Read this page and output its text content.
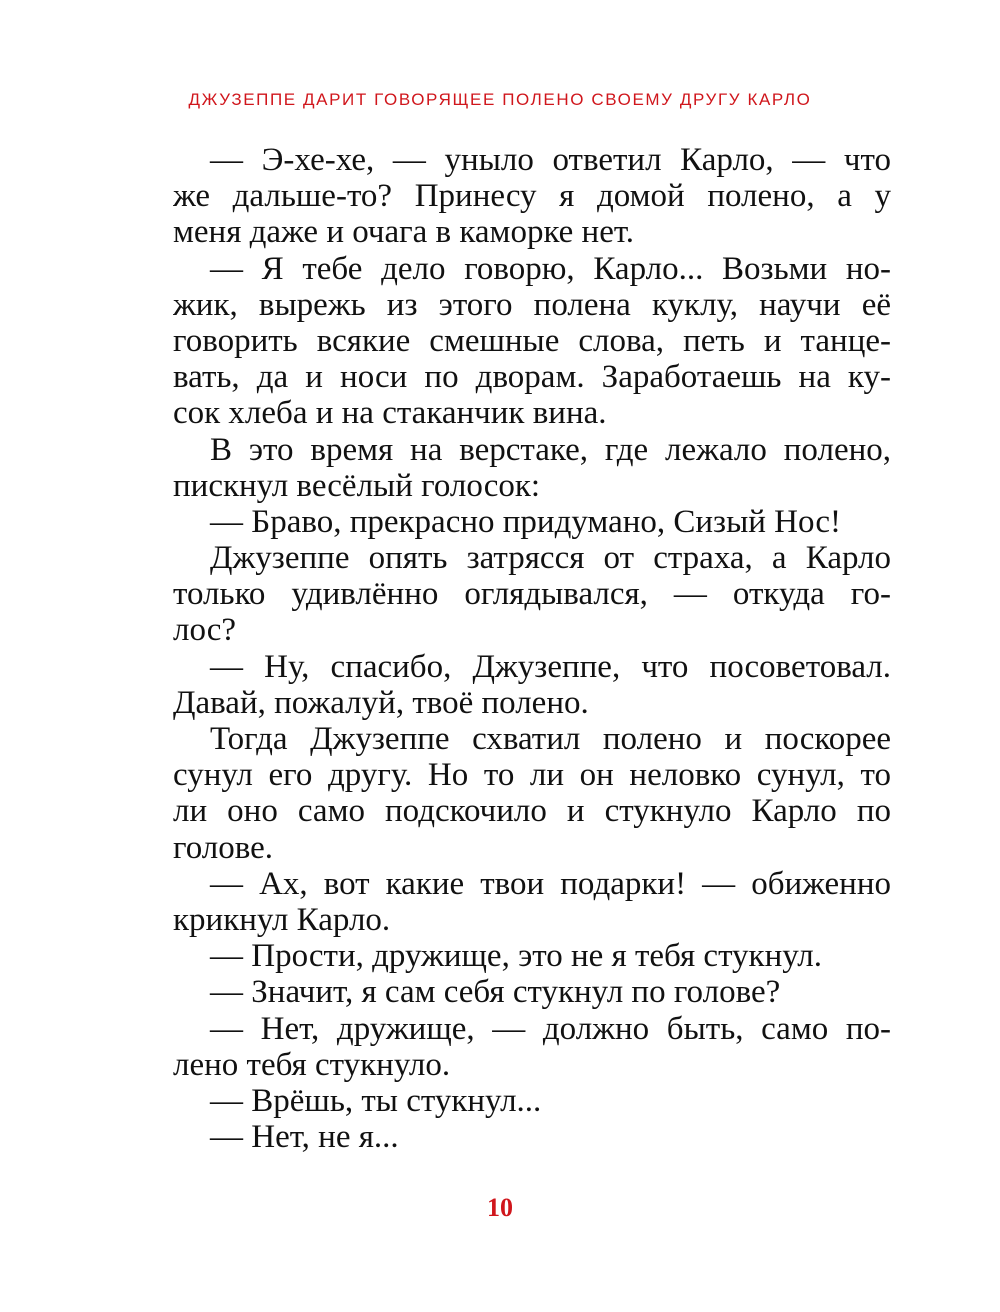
ДЖУЗЕППЕ ДАРИТ ГОВОРЯЩЕЕ ПОЛЕНО СВОЕМУ ДРУГУ КАРЛО
— Э-хе-хе, — уныло ответил Карло, — что
же дальше-то? Принесу я домой полено, а у
меня даже и очага в каморке нет.
— Я тебе дело говорю, Карло... Возьми но-
жик, вырежь из этого полена куклу, научи её
говорить всякие смешные слова, петь и танце-
вать, да и носи по дворам. Заработаешь на ку-
сок хлеба и на стаканчик вина.
В это время на верстаке, где лежало полено,
пискнул весёлый голосок:
— Браво, прекрасно придумано, Сизый Нос!
Джузеппе опять затрясся от страха, а Карло
только удивлённо оглядывался, — откуда го-
лос?
— Ну, спасибо, Джузеппе, что посоветовал.
Давай, пожалуй, твоё полено.
Тогда Джузеппе схватил полено и поскорее
сунул его другу. Но то ли он неловко сунул, то
ли оно само подскочило и стукнуло Карло по
голове.
— Ах, вот какие твои подарки! — обиженно
крикнул Карло.
— Прости, дружище, это не я тебя стукнул.
— Значит, я сам себя стукнул по голове?
— Нет, дружище, — должно быть, само по-
лено тебя стукнуло.
— Врёшь, ты стукнул...
— Нет, не я...
10
